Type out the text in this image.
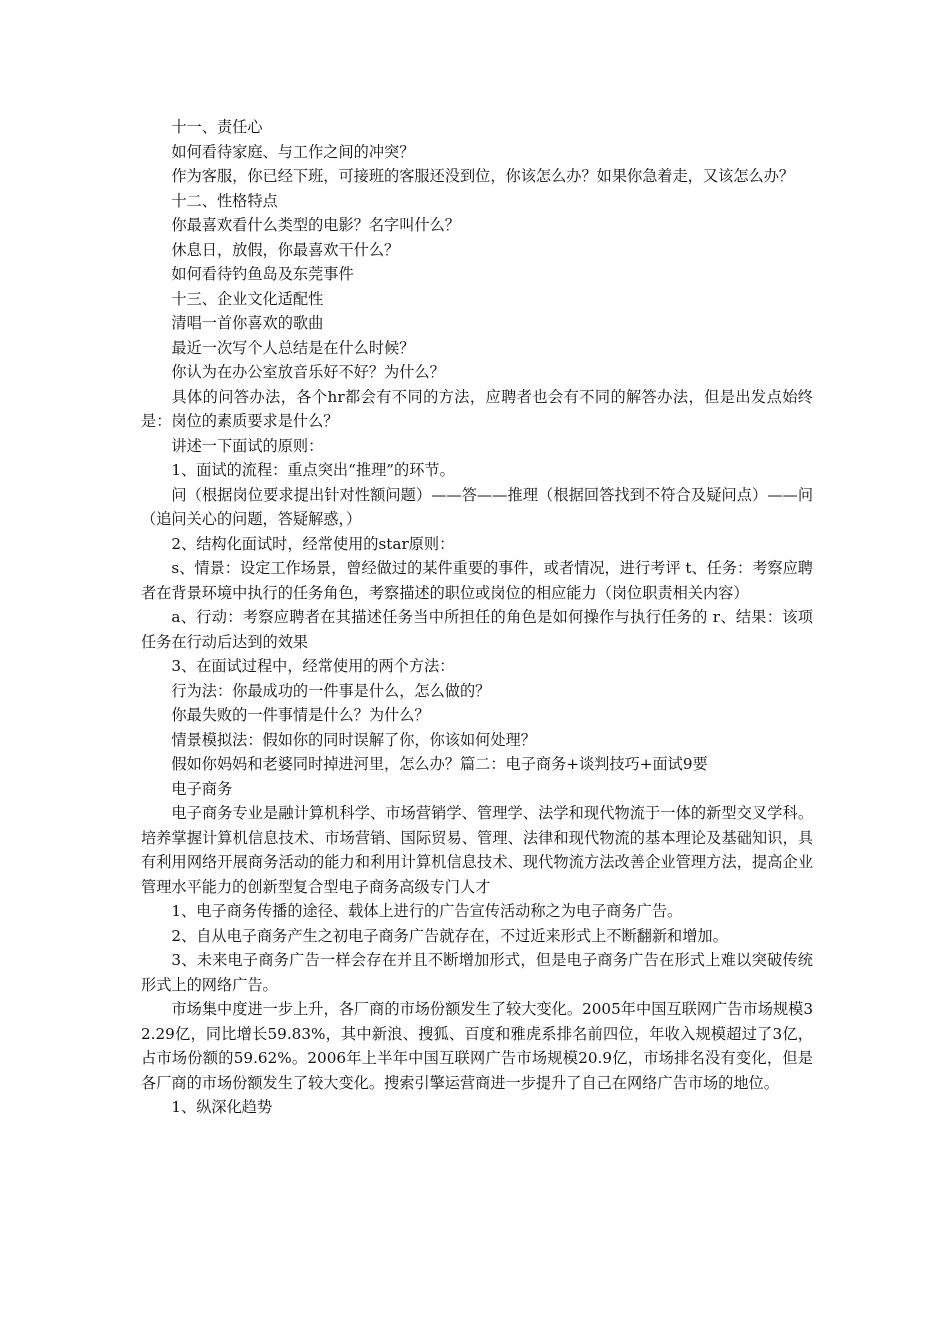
十一、责任心

如何看待家庭、与工作之间的冲突？

作为客服，你已经下班，可接班的客服还没到位，你该怎么办？如果你急着走，又该怎么办？

十二、性格特点

你最喜欢看什么类型的电影？名字叫什么？

休息日，放假，你最喜欢干什么？

如何看待钓鱼岛及东莞事件

十三、企业文化适配性

清唱一首你喜欢的歌曲

最近一次写个人总结是在什么时候？

你认为在办公室放音乐好不好？为什么？

具体的问答办法，各个hr都会有不同的方法，应聘者也会有不同的解答办法，但是出发点始终是：岗位的素质要求是什么？

讲述一下面试的原则：

1、面试的流程：重点突出“推理”的环节。

问（根据岗位要求提出针对性额问题）——答——推理（根据回答找到不符合及疑问点）——问（追问关心的问题，答疑解惑，）

2、结构化面试时，经常使用的star原则：

s、情景：设定工作场景，曾经做过的某件重要的事件，或者情况，进行考评 t、任务：考察应聘者在背景环境中执行的任务角色，考察描述的职位或岗位的相应能力（岗位职责相关内容）

a、行动：考察应聘者在其描述任务当中所担任的角色是如何操作与执行任务的 r、结果：该项任务在行动后达到的效果

3、在面试过程中，经常使用的两个方法：

行为法：你最成功的一件事是什么，怎么做的？

你最失败的一件事情是什么？为什么？

情景模拟法：假如你的同时误解了你，你该如何处理？

假如你妈妈和老婆同时掉进河里，怎么办？篇二：电子商务+谈判技巧+面试9要

电子商务

电子商务专业是融计算机科学、市场营销学、管理学、法学和现代物流于一体的新型交叉学科。培养掌握计算机信息技术、市场营销、国际贸易、管理、法律和现代物流的基本理论及基础知识，具有利用网络开展商务活动的能力和利用计算机信息技术、现代物流方法改善企业管理方法，提高企业管理水平能力的创新型复合型电子商务高级专门人才

1、电子商务传播的途径、载体上进行的广告宣传活动称之为电子商务广告。

2、自从电子商务产生之初电子商务广告就存在，不过近来形式上不断翻新和增加。

3、未来电子商务广告一样会存在并且不断增加形式，但是电子商务广告在形式上难以突破传统形式上的网络广告。

市场集中度进一步上升，各厂商的市场份额发生了较大变化。2005年中国互联网广告市场规模32.29亿，同比增长59.83%，其中新浪、搜狐、百度和雅虎系排名前四位，年收入规模超过了3亿，占市场份额的59.62%。2006年上半年中国互联网广告市场规模20.9亿，市场排名没有变化，但是各厂商的市场份额发生了较大变化。搜索引擎运营商进一步提升了自己在网络广告市场的地位。

1、纵深化趋势
